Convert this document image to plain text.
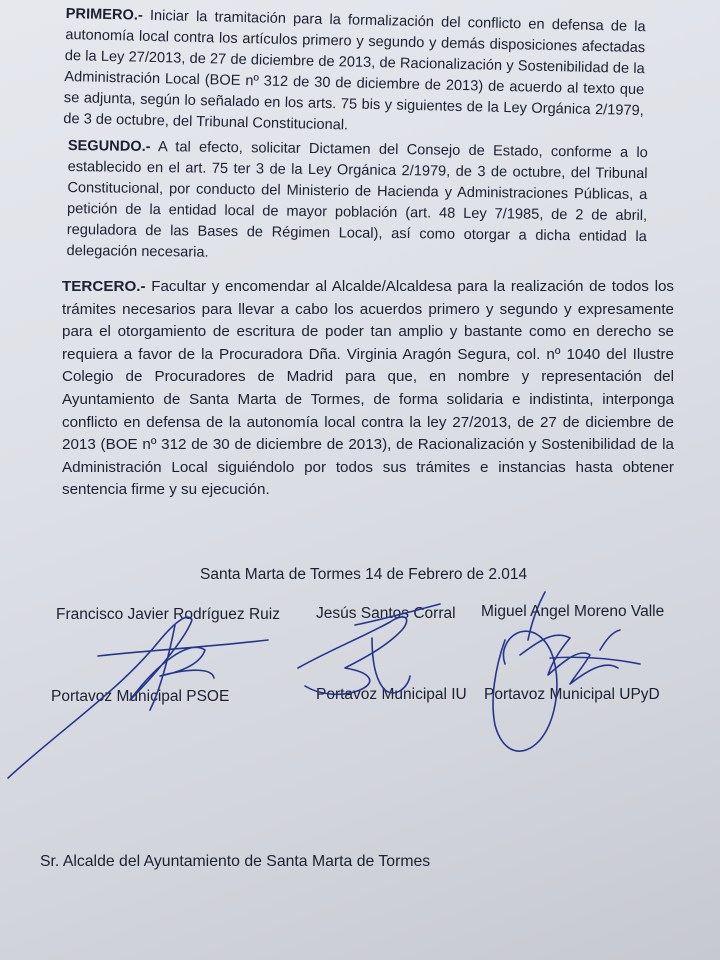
PRIMERO.- Iniciar la tramitación para la formalización del conflicto en defensa de la autonomía local contra los artículos primero y segundo y demás disposiciones afectadas de la Ley 27/2013, de 27 de diciembre de 2013, de Racionalización y Sostenibilidad de la Administración Local (BOE nº 312 de 30 de diciembre de 2013) de acuerdo al texto que se adjunta, según lo señalado en los arts. 75 bis y siguientes de la Ley Orgánica 2/1979, de 3 de octubre, del Tribunal Constitucional.

SEGUNDO.- A tal efecto, solicitar Dictamen del Consejo de Estado, conforme a lo establecido en el art. 75 ter 3 de la Ley Orgánica 2/1979, de 3 de octubre, del Tribunal Constitucional, por conducto del Ministerio de Hacienda y Administraciones Públicas, a petición de la entidad local de mayor población (art. 48 Ley 7/1985, de 2 de abril, reguladora de las Bases de Régimen Local), así como otorgar a dicha entidad la delegación necesaria.

TERCERO.- Facultar y encomendar al Alcalde/Alcaldesa para la realización de todos los trámites necesarios para llevar a cabo los acuerdos primero y segundo y expresamente para el otorgamiento de escritura de poder tan amplio y bastante como en derecho se requiera a favor de la Procuradora Dña. Virginia Aragón Segura, col. nº 1040 del Ilustre Colegio de Procuradores de Madrid para que, en nombre y representación del Ayuntamiento de Santa Marta de Tormes, de forma solidaria e indistinta, interponga conflicto en defensa de la autonomía local contra la ley 27/2013, de 27 de diciembre de 2013 (BOE nº 312 de 30 de diciembre de 2013), de Racionalización y Sostenibilidad de la Administración Local siguiéndolo por todos sus trámites e instancias hasta obtener sentencia firme y su ejecución.

Santa Marta de Tormes 14 de Febrero de 2.014

Francisco Javier Rodríguez Ruiz Jesús Santos Corral Miguel Angel Moreno Valle

Portavoz Municipal PSOE	Portavoz Municipal IU Portavoz Municipal UPyD

Sr. Alcalde del Ayuntamiento de Santa Marta de Tormes
